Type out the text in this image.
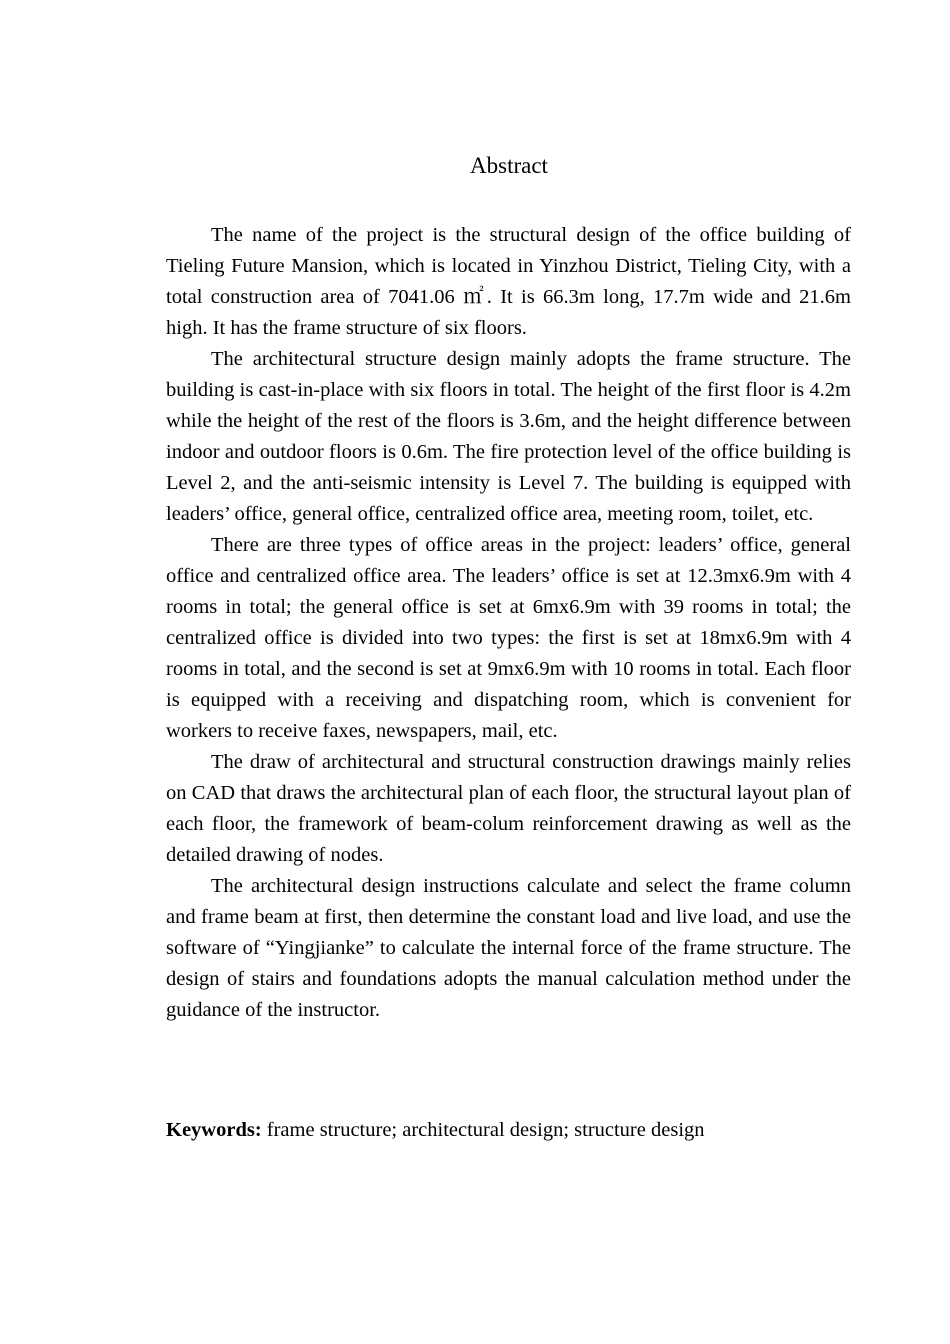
Abstract

The name of the project is the structural design of the office building of Tieling Future Mansion, which is located in Yinzhou District, Tieling City, with a total construction area of 7041.06 ㎡. It is 66.3m long, 17.7m wide and 21.6m high. It has the frame structure of six floors.

The architectural structure design mainly adopts the frame structure. The building is cast-in-place with six floors in total. The height of the first floor is 4.2m while the height of the rest of the floors is 3.6m, and the height difference between indoor and outdoor floors is 0.6m. The fire protection level of the office building is Level 2, and the anti-seismic intensity is Level 7. The building is equipped with leaders’ office, general office, centralized office area, meeting room, toilet, etc.

There are three types of office areas in the project: leaders’ office, general office and centralized office area. The leaders’ office is set at 12.3mx6.9m with 4 rooms in total; the general office is set at 6mx6.9m with 39 rooms in total; the centralized office is divided into two types: the first is set at 18mx6.9m with 4 rooms in total, and the second is set at 9mx6.9m with 10 rooms in total. Each floor is equipped with a receiving and dispatching room, which is convenient for workers to receive faxes, newspapers, mail, etc.

The draw of architectural and structural construction drawings mainly relies on CAD that draws the architectural plan of each floor, the structural layout plan of each floor, the framework of beam-colum reinforcement drawing as well as the detailed drawing of nodes.

The architectural design instructions calculate and select the frame column and frame beam at first, then determine the constant load and live load, and use the software of “Yingjianke” to calculate the internal force of the frame structure. The design of stairs and foundations adopts the manual calculation method under the guidance of the instructor.

Keywords: frame structure; architectural design; structure design
